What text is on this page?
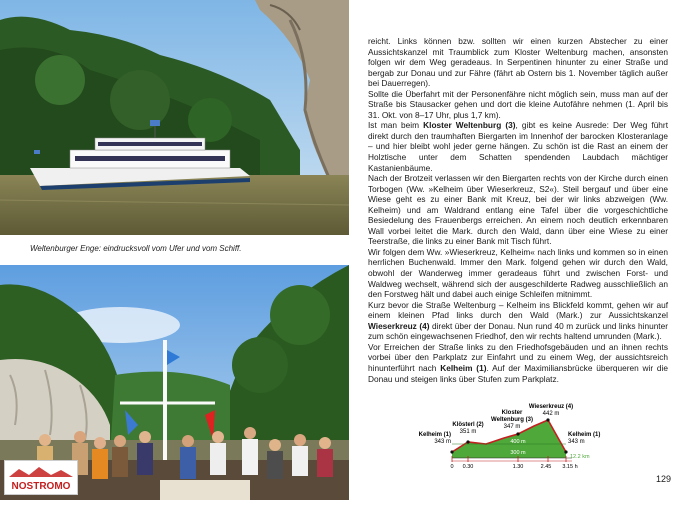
Weltenburger Enge: eindrucksvoll vom Ufer und vom Schiff.
NOSTROMO

reicht. Links können bzw. sollten wir einen kurzen Abstecher zu einer Aussichtskanzel mit Traumblick zum Kloster Weltenburg machen, ansonsten folgen wir dem Weg geradeaus. In Serpentinen hinunter zu einer Straße und bergab zur Donau und zur Fähre (fährt ab Ostern bis 1. November täglich außer bei Dauerregen).

Sollte die Überfahrt mit der Personenfähre nicht möglich sein, muss man auf der Straße bis Stausacker gehen und dort die kleine Autofähre nehmen (1. April bis 31. Okt. von 8–17 Uhr, plus 1,7 km).

Ist man beim Kloster Weltenburg (3), gibt es keine Ausrede: Der Weg führt direkt durch den traumhaften Biergarten im Innenhof der barocken Klosteranlage – und hier bleibt wohl jeder gerne hängen. Zu schön ist die Rast an einem der Holztische unter dem Schatten spendenden Laubdach mächtiger Kastanienbäume.

Nach der Brotzeit verlassen wir den Biergarten rechts von der Kirche durch einen Torbogen (Ww. »Kelheim über Wieserkreuz, S2«). Steil bergauf und über eine Wiese geht es zu einer Bank mit Kreuz, bei der wir links abzweigen (Ww. Kelheim) und am Waldrand entlang eine Tafel über die vorgeschichtliche Besiedelung des Frauenbergs erreichen. An einem noch deutlich erkennbaren Wall vorbei leitet die Mark. durch den Wald, dann über eine Wiese zu einer Teerstraße, die links zu einer Bank mit Tisch führt.

Wir folgen dem Ww. »Wieserkreuz, Kelheim« nach links und kommen so in einen herrlichen Buchenwald. Immer den Mark. folgend gehen wir durch den Wald, obwohl der Wanderweg immer geradeaus führt und zwischen Forst- und Waldweg wechselt, während sich der ausgeschilderte Radweg ausschließlich an den Forstweg hält und dabei auch einige Schleifen mitnimmt.

Kurz bevor die Straße Weltenburg – Kelheim ins Blickfeld kommt, gehen wir auf einem kleinen Pfad links durch den Wald (Mark.) zur Aussichtskanzel Wieserkreuz (4) direkt über der Donau. Nun rund 40 m zurück und links hinunter zum schön eingewachsenen Friedhof, den wir rechts haltend umrunden (Mark.).

Vor Erreichen der Straße links zu den Friedhofsgebäuden und an ihnen rechts vorbei über den Parkplatz zur Einfahrt und zu einem Weg, der aussichtsreich hinunterführt nach Kelheim (1). Auf der Maximiliansbrücke überqueren wir die Donau und steigen links über Stufen zum Parkplatz.

400 m
300 m
Kelheim (1)
343 m
Klösterl (2)
351 m
Kloster
Weltenburg (3)
347 m
Wieserkreuz (4)
442 m
Kelheim (1)
343 m
0 0.30	1.30	2.45 3.15 h
12.2 km
129
